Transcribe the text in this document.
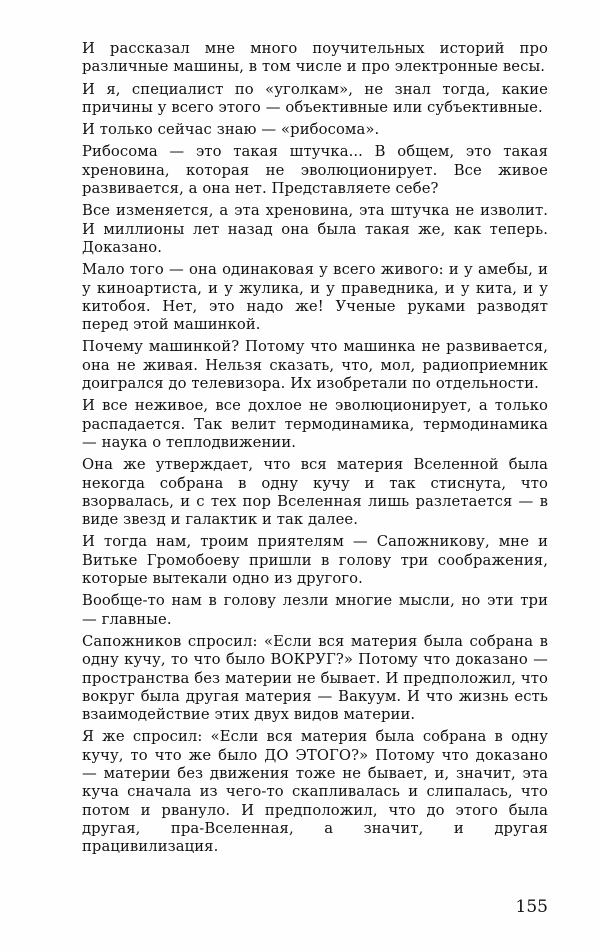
И рассказал мне много поучительных историй про различные машины, в том числе и про электронные весы.

И я, специалист по «уголкам», не знал тогда, какие причины у всего этого — объективные или субъективные.

И только сейчас знаю — «рибосома».

Рибосома — это такая штучка... В общем, это такая хреновина, которая не эволюционирует. Все живое развивается, а она нет. Представляете себе?

Все изменяется, а эта хреновина, эта штучка не изволит. И миллионы лет назад она была такая же, как теперь. Доказано.

Мало того — она одинаковая у всего живого: и у амебы, и у киноартиста, и у жулика, и у праведника, и у кита, и у китобоя. Нет, это надо же! Ученые руками разводят перед этой машинкой.

Почему машинкой? Потому что машинка не развивается, она не живая. Нельзя сказать, что, мол, радиоприемник доигрался до телевизора. Их изобретали по отдельности.

И все неживое, все дохлое не эволюционирует, а только распадается. Так велит термодинамика, термодинамика — наука о теплодвижении.

Она же утверждает, что вся материя Вселенной была некогда собрана в одну кучу и так стиснута, что взорвалась, и с тех пор Вселенная лишь разлетается — в виде звезд и галактик и так далее.

И тогда нам, троим приятелям — Сапожникову, мне и Витьке Громобоеву пришли в голову три соображения, которые вытекали одно из другого.

Вообще-то нам в голову лезли многие мысли, но эти три — главные.

Сапожников спросил: «Если вся материя была собрана в одну кучу, то что было ВОКРУГ?» Потому что доказано — пространства без материи не бывает. И предположил, что вокруг была другая материя — Вакуум. И что жизнь есть взаимодействие этих двух видов материи.

Я же спросил: «Если вся материя была собрана в одну кучу, то что же было ДО ЭТОГО?» Потому что доказано — материи без движения тоже не бывает, и, значит, эта куча сначала из чего-то скапливалась и слипалась, что потом и рвануло. И предположил, что до этого была другая, пра-Вселенная, а значит, и другая працивилизация.

155
